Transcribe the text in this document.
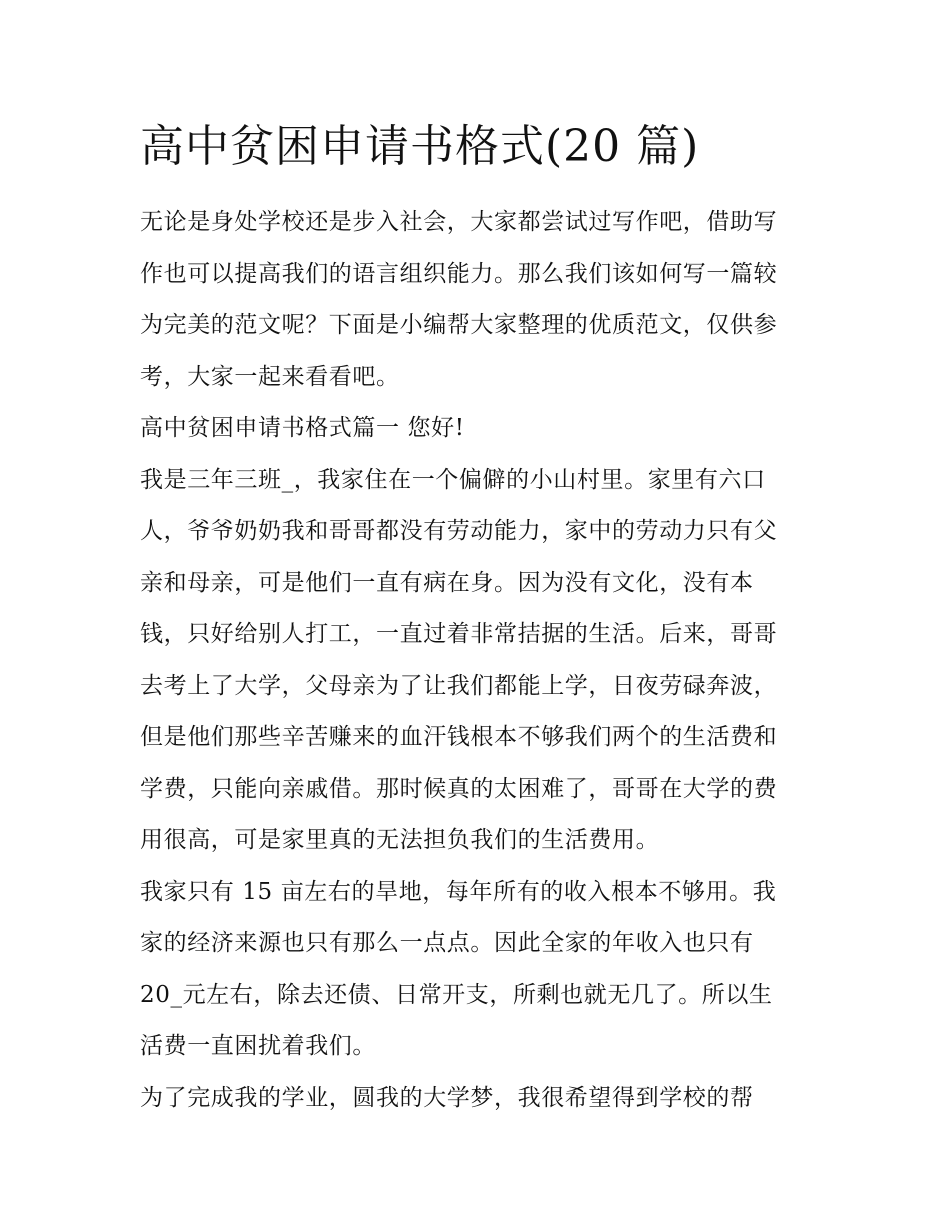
高中贫困申请书格式(20 篇)
无论是身处学校还是步入社会，大家都尝试过写作吧，借助写
作也可以提高我们的语言组织能力。那么我们该如何写一篇较
为完美的范文呢？下面是小编帮大家整理的优质范文，仅供参
考，大家一起来看看吧。
高中贫困申请书格式篇一 您好!
我是三年三班_，我家住在一个偏僻的小山村里。家里有六口
人，爷爷奶奶我和哥哥都没有劳动能力，家中的劳动力只有父
亲和母亲，可是他们一直有病在身。因为没有文化，没有本
钱，只好给别人打工，一直过着非常拮据的生活。后来，哥哥
去考上了大学，父母亲为了让我们都能上学，日夜劳碌奔波，
但是他们那些辛苦赚来的血汗钱根本不够我们两个的生活费和
学费，只能向亲戚借。那时候真的太困难了，哥哥在大学的费
用很高，可是家里真的无法担负我们的生活费用。
我家只有 15 亩左右的旱地，每年所有的收入根本不够用。我
家的经济来源也只有那么一点点。因此全家的年收入也只有
20_元左右，除去还债、日常开支，所剩也就无几了。所以生
活费一直困扰着我们。
为了完成我的学业，圆我的大学梦，我很希望得到学校的帮
